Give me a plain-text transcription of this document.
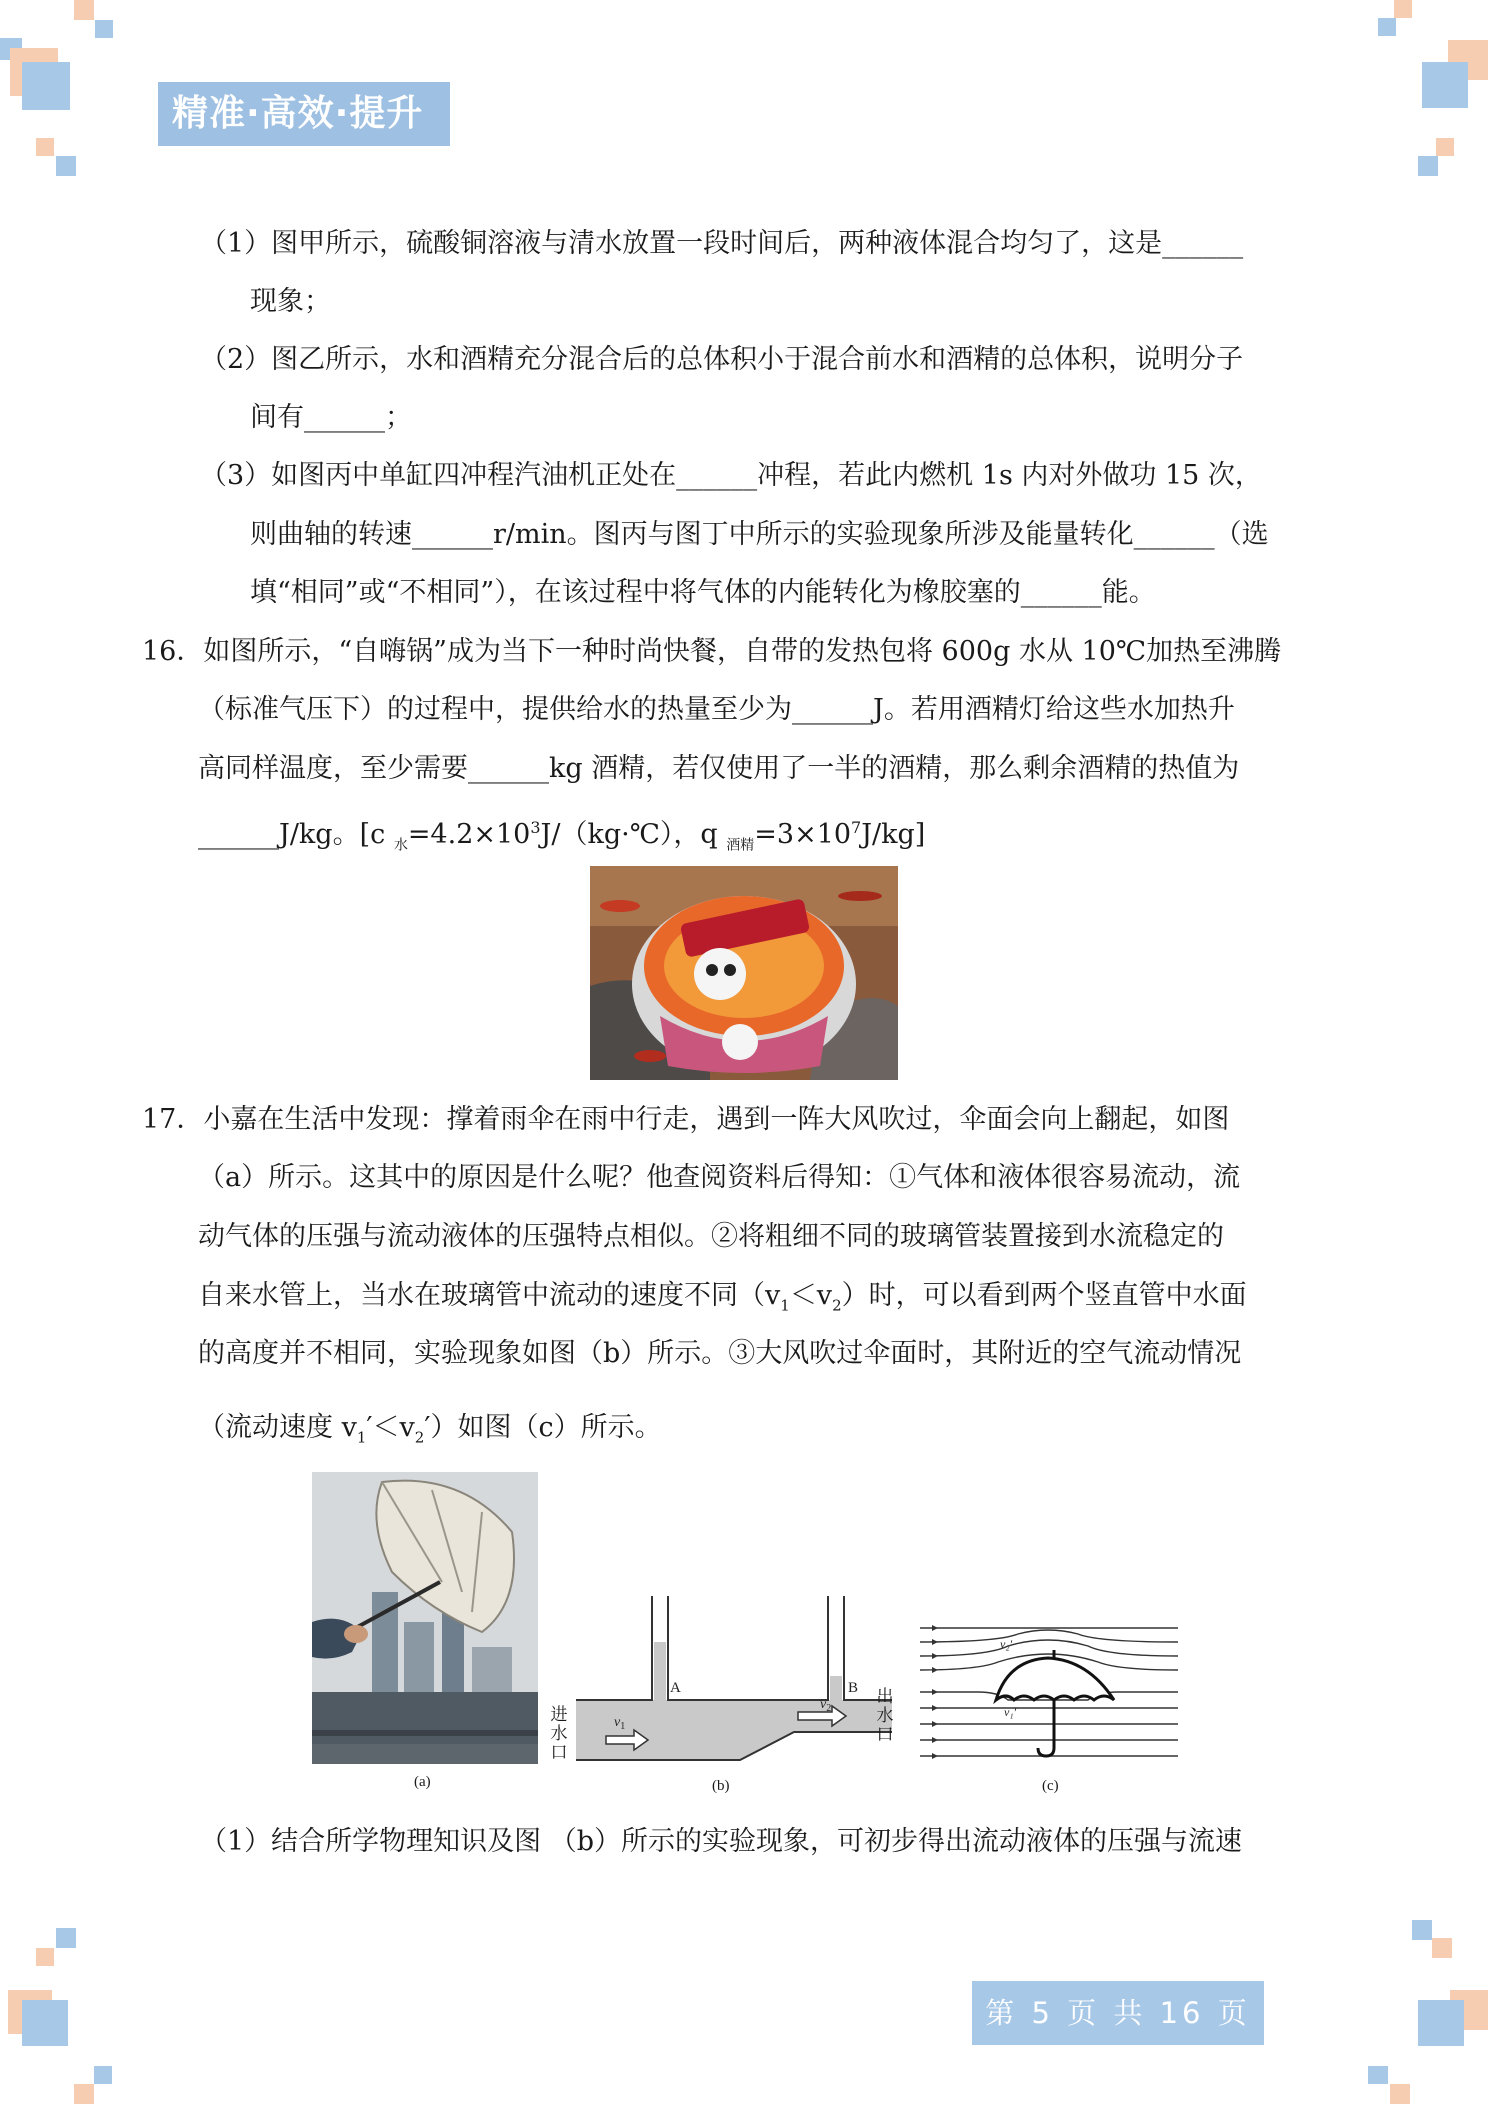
精准·高效·提升
（1）图甲所示，硫酸铜溶液与清水放置一段时间后，两种液体混合均匀了，这是______
现象；
（2）图乙所示，水和酒精充分混合后的总体积小于混合前水和酒精的总体积，说明分子
间有______；
（3）如图丙中单缸四冲程汽油机正处在______冲程，若此内燃机 1s 内对外做功 15 次，
则曲轴的转速______r/min。图丙与图丁中所示的实验现象所涉及能量转化______（选
填“相同”或“不相同”），在该过程中将气体的内能转化为橡胶塞的______能。
16．如图所示，“自嗨锅”成为当下一种时尚快餐，自带的发热包将 600g 水从 10℃加热至沸腾
（标准气压下）的过程中，提供给水的热量至少为______J。若用酒精灯给这些水加热升
高同样温度，至少需要______kg 酒精，若仅使用了一半的酒精，那么剩余酒精的热值为
______J/kg。[c $_水=4.2\times 10^3J/(kg\cdot℃)$，q $_{酒精}=3\times 10^7J/kg$]
17．小嘉在生活中发现：撑着雨伞在雨中行走，遇到一阵大风吹过，伞面会向上翻起，如图
（a）所示。这其中的原因是什么呢？他查阅资料后得知：①气体和液体很容易流动，流
动气体的压强与流动液体的压强特点相似。②将粗细不同的玻璃管装置接到水流稳定的
自来水管上，当水在玻璃管中流动的速度不同$(v_1<v_2)$时，可以看到两个竖直管中水面
的高度并不相同，实验现象如图（b）所示。③大风吹过伞面时，其附近的空气流动情况
（流动速度 $v_1'<v_2'$）如图（c）所示。
(a)
A	B
$v_1$
$v_2$
进
水
口
出
水
口
(b)
v₂′
v₁′
(c)
（1）结合所学物理知识及图 （b）所示的实验现象，可初步得出流动液体的压强与流速
第 5 页 共 16 页
